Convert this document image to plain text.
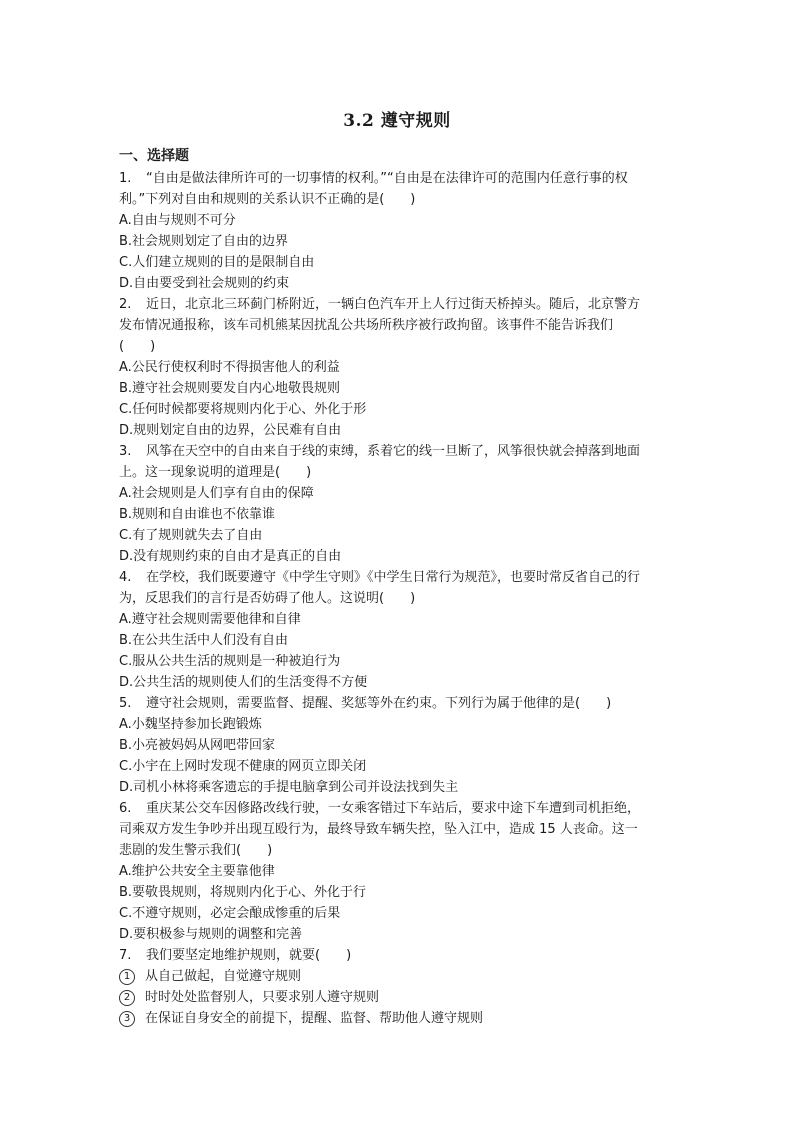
3.2 遵守规则
一、选择题

1. “自由是做法律所许可的一切事情的权利。”“自由是在法律许可的范围内任意行事的权

利。”下列对自由和规则的关系认识不正确的是(　　)

A.自由与规则不可分

B.社会规则划定了自由的边界

C.人们建立规则的目的是限制自由

D.自由要受到社会规则的约束

2. 近日，北京北三环蓟门桥附近，一辆白色汽车开上人行过街天桥掉头。随后，北京警方

发布情况通报称，该车司机熊某因扰乱公共场所秩序被行政拘留。该事件不能告诉我们

(　　)

A.公民行使权利时不得损害他人的利益

B.遵守社会规则要发自内心地敬畏规则

C.任何时候都要将规则内化于心、外化于形

D.规则划定自由的边界，公民难有自由

3. 风筝在天空中的自由来自于线的束缚，系着它的线一旦断了，风筝很快就会掉落到地面

上。这一现象说明的道理是(　　)

A.社会规则是人们享有自由的保障

B.规则和自由谁也不依靠谁

C.有了规则就失去了自由

D.没有规则约束的自由才是真正的自由

4. 在学校，我们既要遵守《中学生守则》《中学生日常行为规范》，也要时常反省自己的行

为，反思我们的言行是否妨碍了他人。这说明(　　)

A.遵守社会规则需要他律和自律

B.在公共生活中人们没有自由

C.服从公共生活的规则是一种被迫行为

D.公共生活的规则使人们的生活变得不方便

5. 遵守社会规则，需要监督、提醒、奖惩等外在约束。下列行为属于他律的是(　　)

A.小魏坚持参加长跑锻炼

B.小亮被妈妈从网吧带回家

C.小宇在上网时发现不健康的网页立即关闭

D.司机小林将乘客遗忘的手提电脑拿到公司并设法找到失主

6. 重庆某公交车因修路改线行驶，一女乘客错过下车站后，要求中途下车遭到司机拒绝，

司乘双方发生争吵并出现互殴行为，最终导致车辆失控，坠入江中，造成 15 人丧命。这一

悲剧的发生警示我们(　　)

A.维护公共安全主要靠他律

B.要敬畏规则，将规则内化于心、外化于行

C.不遵守规则，必定会酿成惨重的后果

D.要积极参与规则的调整和完善

7. 我们要坚定地维护规则，就要(　　)

1 从自己做起，自觉遵守规则

2 时时处处监督别人，只要求别人遵守规则

3 在保证自身安全的前提下，提醒、监督、帮助他人遵守规则
